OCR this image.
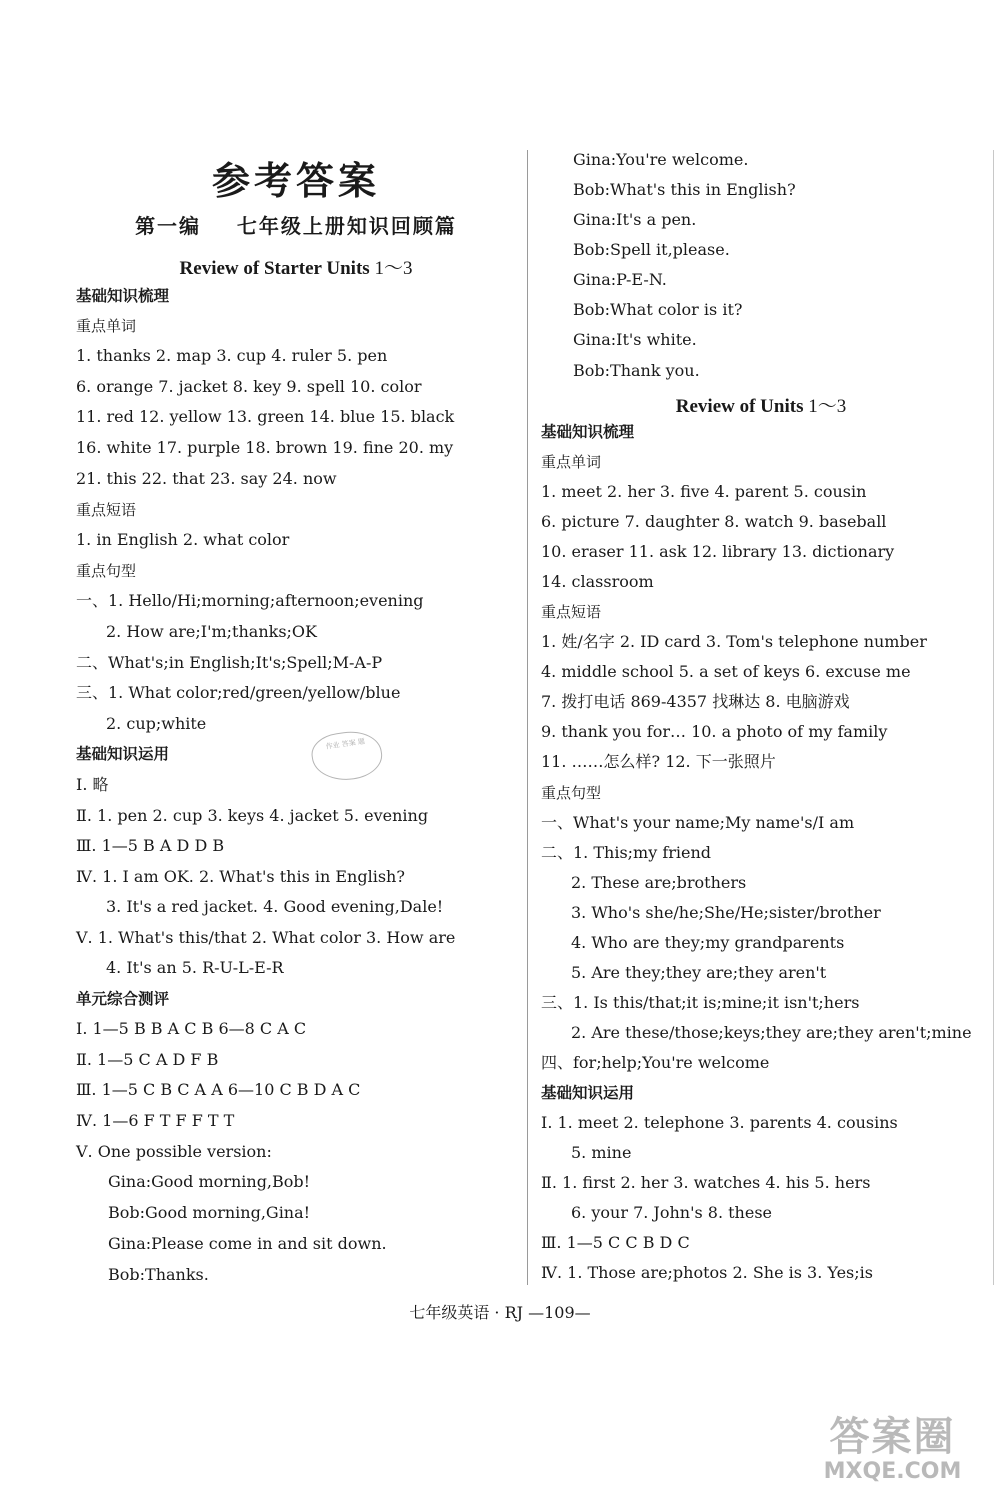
参考答案
第一编    七年级上册知识回顾篇
Review of Starter Units 1～3
基础知识梳理
重点单词
1. thanks 2. map 3. cup 4. ruler 5. pen
6. orange 7. jacket 8. key 9. spell 10. color
11. red 12. yellow 13. green 14. blue 15. black
16. white 17. purple 18. brown 19. fine 20. my
21. this 22. that 23. say 24. now
重点短语
1. in English 2. what color
重点句型
一、1. Hello/Hi;morning;afternoon;evening
2. How are;I'm;thanks;OK
二、What's;in English;It's;Spell;M-A-P
三、1. What color;red/green/yellow/blue
2. cup;white
基础知识运用
Ⅰ. 略
Ⅱ. 1. pen 2. cup 3. keys 4. jacket 5. evening
Ⅲ. 1—5 B A D D B
Ⅳ. 1. I am OK. 2. What's this in English?
3. It's a red jacket. 4. Good evening,Dale!
Ⅴ. 1. What's this/that 2. What color 3. How are
4. It's an 5. R-U-L-E-R
单元综合测评
Ⅰ. 1—5 B B A C B 6—8 C A C
Ⅱ. 1—5 C A D F B
Ⅲ. 1—5 C B C A A 6—10 C B D A C
Ⅳ. 1—6 F T F F T T
Ⅴ. One possible version:
Gina:Good morning,Bob!
Bob:Good morning,Gina!
Gina:Please come in and sit down.
Bob:Thanks.
Gina:You're welcome.
Bob:What's this in English?
Gina:It's a pen.
Bob:Spell it,please.
Gina:P-E-N.
Bob:What color is it?
Gina:It's white.
Bob:Thank you.
Review of Units 1～3
基础知识梳理
重点单词
1. meet 2. her 3. five 4. parent 5. cousin
6. picture 7. daughter 8. watch 9. baseball
10. eraser 11. ask 12. library 13. dictionary
14. classroom
重点短语
1. 姓/名字 2. ID card 3. Tom's telephone number
4. middle school 5. a set of keys 6. excuse me
7. 拨打电话 869-4357 找琳达 8. 电脑游戏
9. thank you for… 10. a photo of my family
11. ……怎么样? 12. 下一张照片
重点句型
一、What's your name;My name's/I am
二、1. This;my friend
2. These are;brothers
3. Who's she/he;She/He;sister/brother
4. Who are they;my grandparents
5. Are they;they are;they aren't
三、1. Is this/that;it is;mine;it isn't;hers
2. Are these/those;keys;they are;they aren't;mine
四、for;help;You're welcome
基础知识运用
Ⅰ. 1. meet 2. telephone 3. parents 4. cousins
5. mine
Ⅱ. 1. first 2. her 3. watches 4. his 5. hers
6. your 7. John's 8. these
Ⅲ. 1—5 C C B D C
Ⅳ. 1. Those are;photos 2. She is 3. Yes;is
作业 答案 题
七年级英语 · RJ —109—
答案圈
MXQE.COM
